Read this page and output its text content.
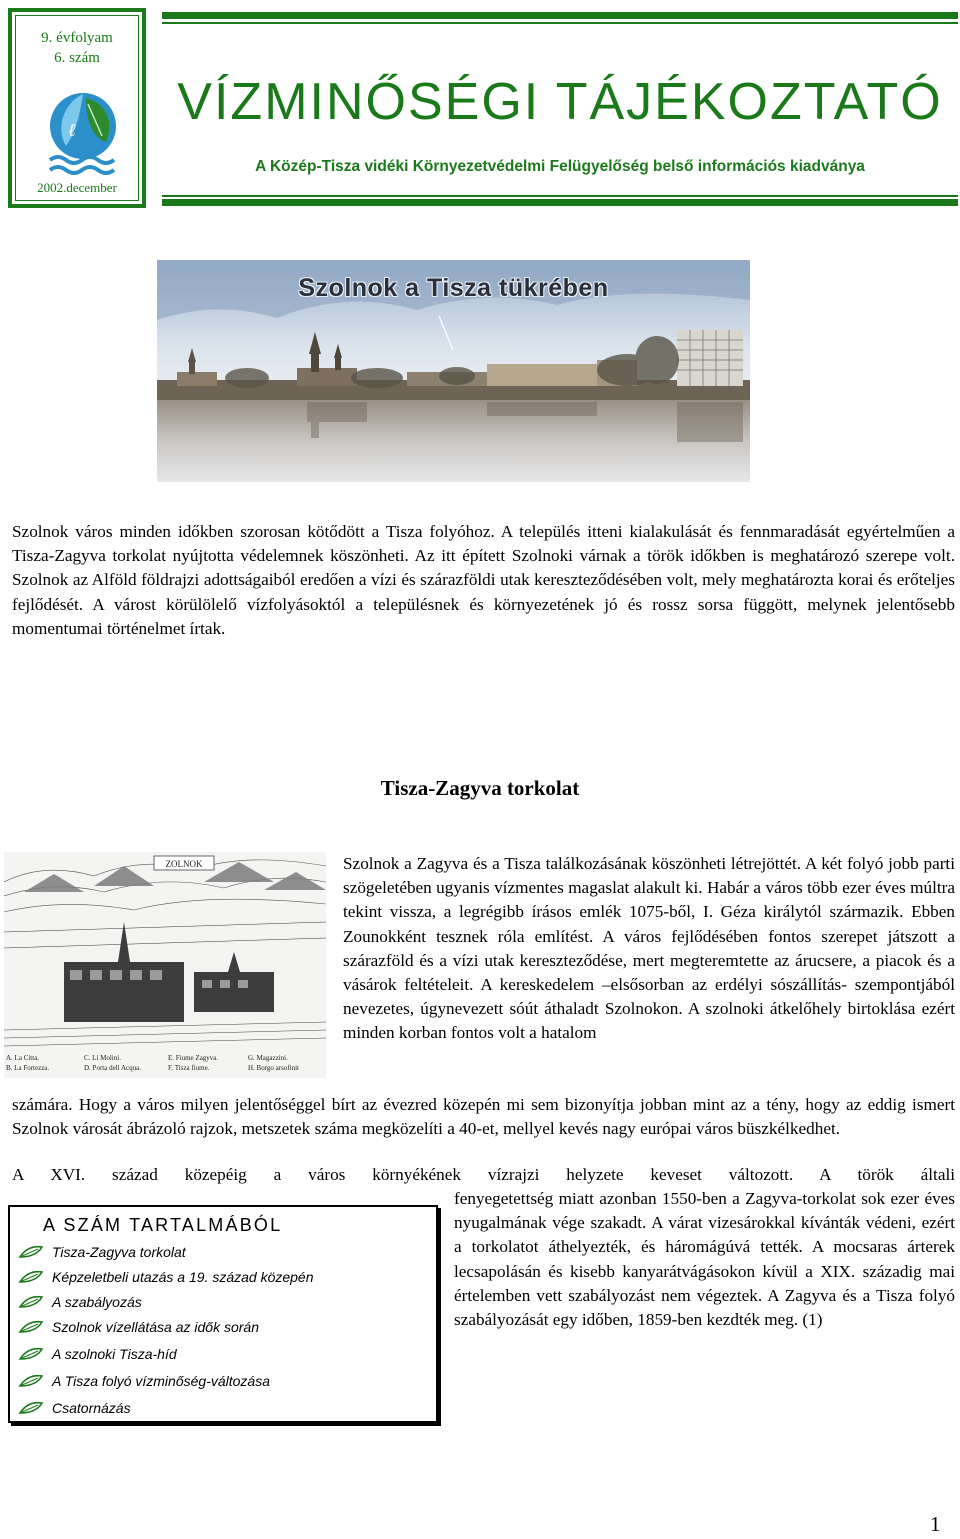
9. évfolyam
6. szám
ℓ
2002.december
VÍZMINŐSÉGI TÁJÉKOZTATÓ
A Közép-Tisza vidéki Környezetvédelmi Felügyelőség belső információs kiadványa
Szolnok a Tisza tükrében
Szolnok város minden időkben szorosan kötődött a Tisza folyóhoz. A település itteni kialakulását és fennmaradását egyértelműen a Tisza-Zagyva torkolat nyújtotta védelemnek köszönheti. Az itt épített Szolnoki várnak a török időkben is meghatározó szerepe volt. Szolnok az Alföld földrajzi adottságaiból eredően a vízi és szárazföldi utak kereszteződésében volt, mely meghatározta korai és erőteljes fejlődését. A várost körülölelő vízfolyásoktól a településnek és környezetének jó és rossz sorsa függött, melynek jelentősebb momentumai történelmet írtak.
Tisza-Zagyva torkolat
ZOLNOK
A. La Citta.
B. La Fortezza.
C. Li Molini.
D. Porta dell Acqua.
E. Fiume Zagyva.
F. Tisza fiume.
G. Magazzini.
H. Borgo arsofinit
Szolnok a Zagyva és a Tisza találkozásának köszönheti létrejöttét. A két folyó jobb parti szögeletében ugyanis vízmentes magaslat alakult ki. Habár a város több ezer éves múltra tekint vissza, a legrégibb írásos emlék 1075-ből, I. Géza királytól származik. Ebben Zounokként tesznek róla említést. A város fejlődésében fontos szerepet játszott a szárazföld és a vízi utak kereszteződése, mert megteremtette az árucsere, a piacok és a vásárok feltételeit. A kereskedelem –elsősorban az erdélyi sószállítás- szempontjából nevezetes, úgynevezett sóút áthaladt Szolnokon. A szolnoki átkelőhely birtoklása ezért minden korban fontos volt a hatalom
számára. Hogy a város milyen jelentőséggel bírt az évezred közepén mi sem bizonyítja jobban mint az a tény, hogy az eddig ismert Szolnok városát ábrázoló rajzok, metszetek száma megközelíti a 40-et, mellyel kevés nagy európai város büszkélkedhet.
A XVI. század közepéig a város környékének vízrajzi helyzete keveset változott. A török általi
fenyegetettség miatt azonban 1550-ben a Zagyva-torkolat sok ezer éves nyugalmának vége szakadt. A várat vizesárokkal kívánták védeni, ezért a torkolatot áthelyezték, és háromágúvá tették. A mocsaras árterek lecsapolásán és kisebb kanyarátvágásokon kívül a XIX. századig mai értelemben vett szabályozást nem végeztek. A Zagyva és a Tisza folyó szabályozását egy időben, 1859-ben kezdték meg. (1)
A SZÁM TARTALMÁBÓL
Tisza-Zagyva torkolat
Képzeletbeli utazás a 19. század közepén
A szabályozás
Szolnok vízellátása az idők során
A szolnoki Tisza-híd
A Tisza folyó vízminőség-változása
Csatornázás
1
